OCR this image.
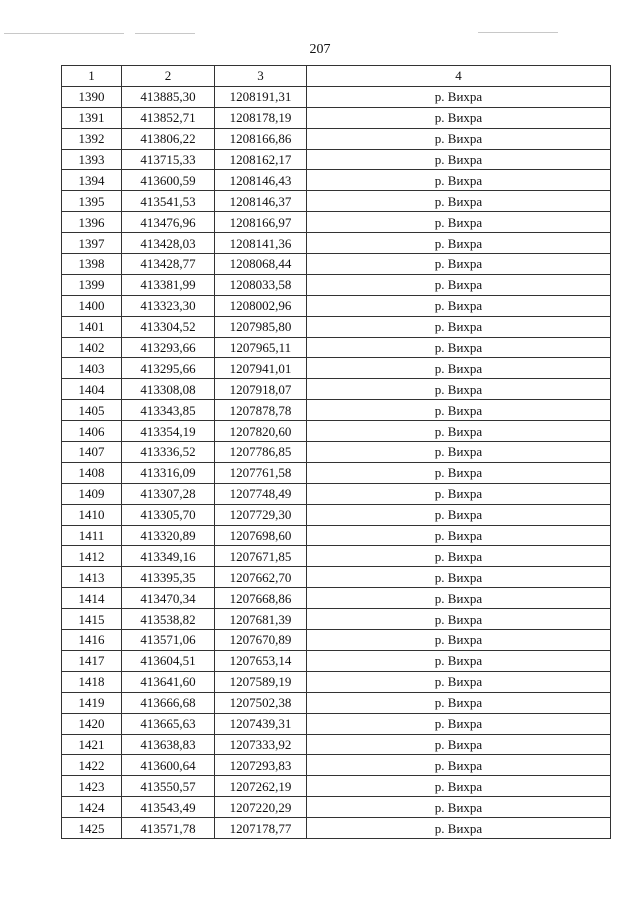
207
1	2	3	4
1390	413885,30	1208191,31	р. Вихра
1391	413852,71	1208178,19	р. Вихра
1392	413806,22	1208166,86	р. Вихра
1393	413715,33	1208162,17	р. Вихра
1394	413600,59	1208146,43	р. Вихра
1395	413541,53	1208146,37	р. Вихра
1396	413476,96	1208166,97	р. Вихра
1397	413428,03	1208141,36	р. Вихра
1398	413428,77	1208068,44	р. Вихра
1399	413381,99	1208033,58	р. Вихра
1400	413323,30	1208002,96	р. Вихра
1401	413304,52	1207985,80	р. Вихра
1402	413293,66	1207965,11	р. Вихра
1403	413295,66	1207941,01	р. Вихра
1404	413308,08	1207918,07	р. Вихра
1405	413343,85	1207878,78	р. Вихра
1406	413354,19	1207820,60	р. Вихра
1407	413336,52	1207786,85	р. Вихра
1408	413316,09	1207761,58	р. Вихра
1409	413307,28	1207748,49	р. Вихра
1410	413305,70	1207729,30	р. Вихра
1411	413320,89	1207698,60	р. Вихра
1412	413349,16	1207671,85	р. Вихра
1413	413395,35	1207662,70	р. Вихра
1414	413470,34	1207668,86	р. Вихра
1415	413538,82	1207681,39	р. Вихра
1416	413571,06	1207670,89	р. Вихра
1417	413604,51	1207653,14	р. Вихра
1418	413641,60	1207589,19	р. Вихра
1419	413666,68	1207502,38	р. Вихра
1420	413665,63	1207439,31	р. Вихра
1421	413638,83	1207333,92	р. Вихра
1422	413600,64	1207293,83	р. Вихра
1423	413550,57	1207262,19	р. Вихра
1424	413543,49	1207220,29	р. Вихра
1425	413571,78	1207178,77	р. Вихра
